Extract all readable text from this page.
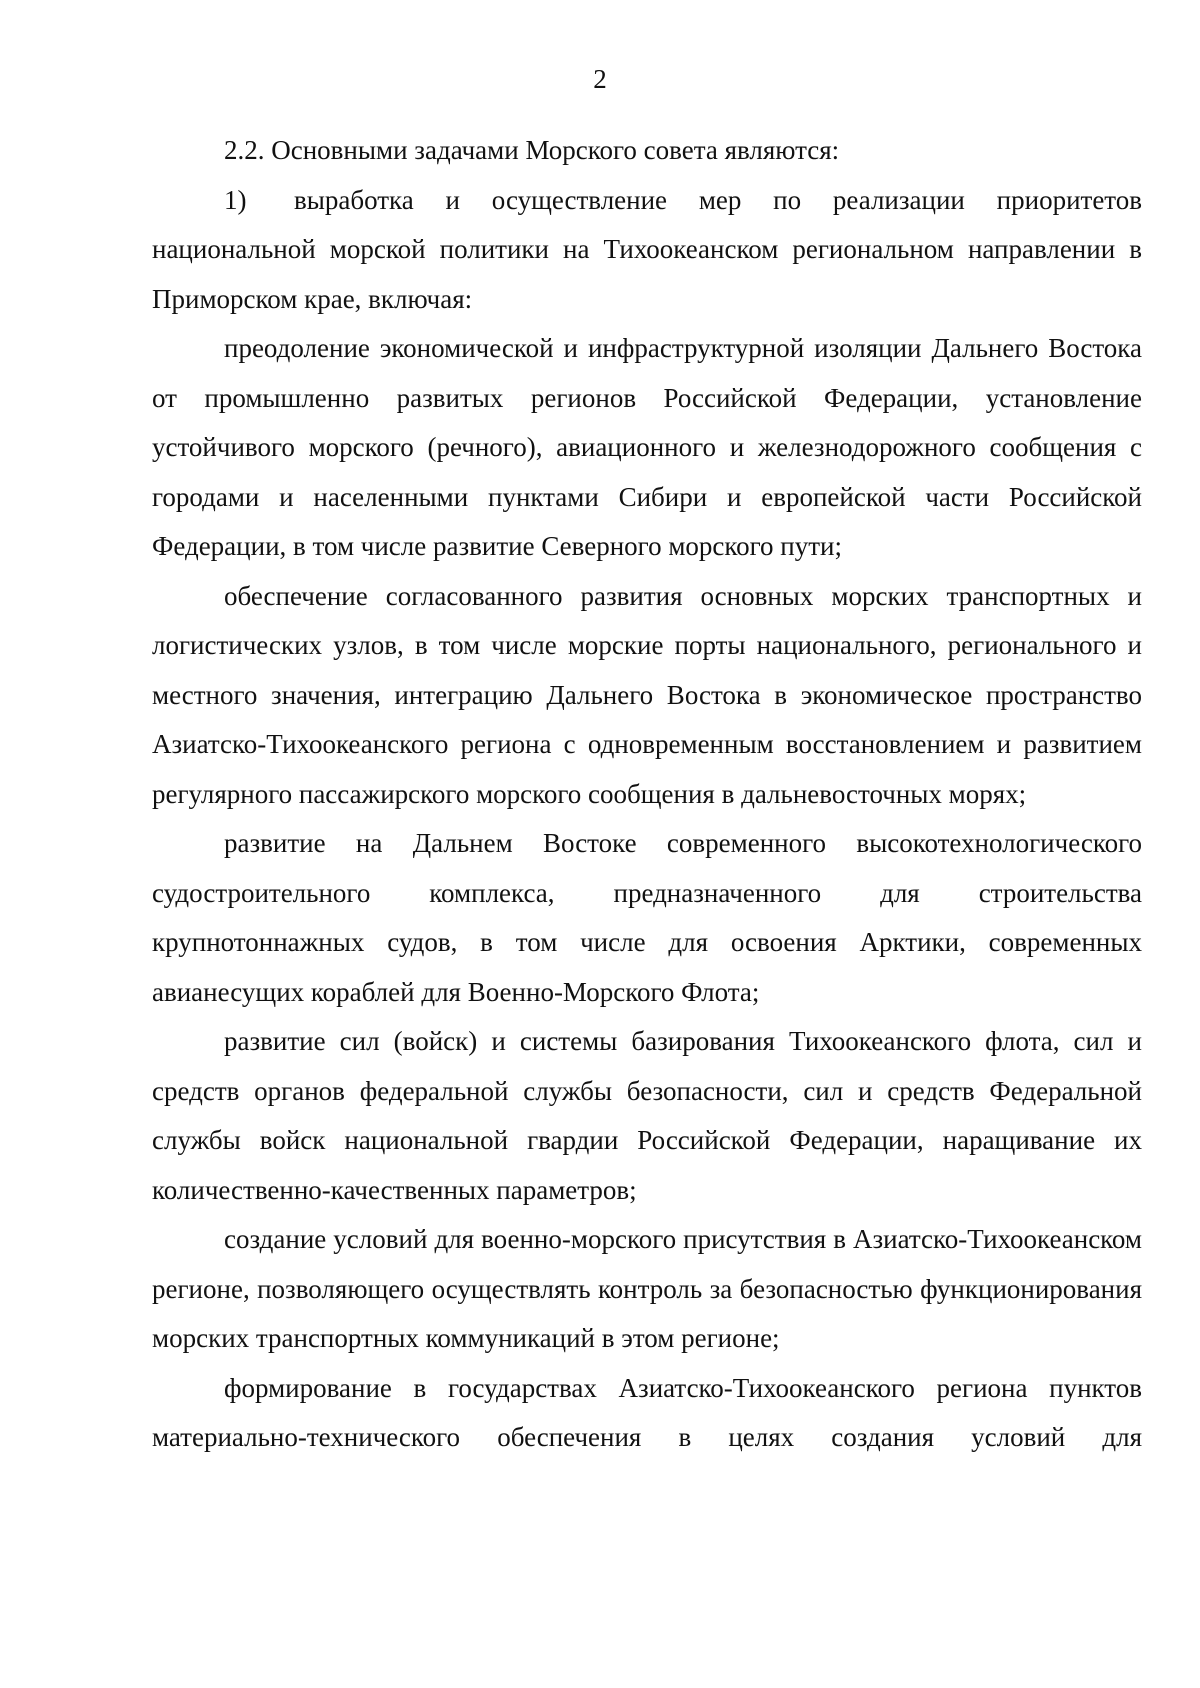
2

2.2. Основными задачами Морского совета являются:

1) выработка и осуществление мер по реализации приоритетов национальной морской политики на Тихоокеанском региональном направлении в Приморском крае, включая:

преодоление экономической и инфраструктурной изоляции Дальнего Востока от промышленно развитых регионов Российской Федерации, установление устойчивого морского (речного), авиационного и железнодорожного сообщения с городами и населенными пунктами Сибири и европейской части Российской Федерации, в том числе развитие Северного морского пути;

обеспечение согласованного развития основных морских транспортных и логистических узлов, в том числе морские порты национального, регионального и местного значения, интеграцию Дальнего Востока в экономическое пространство Азиатско-Тихоокеанского региона с одновременным восстановлением и развитием регулярного пассажирского морского сообщения в дальневосточных морях;

развитие на Дальнем Востоке современного высокотехнологического судостроительного комплекса, предназначенного для строительства крупнотоннажных судов, в том числе для освоения Арктики, современных авианесущих кораблей для Военно-Морского Флота;

развитие сил (войск) и системы базирования Тихоокеанского флота, сил и средств органов федеральной службы безопасности, сил и средств Федеральной службы войск национальной гвардии Российской Федерации, наращивание их количественно-качественных параметров;

создание условий для военно-морского присутствия в Азиатско-Тихоокеанском регионе, позволяющего осуществлять контроль за безопасностью функционирования морских транспортных коммуникаций в этом регионе;

формирование в государствах Азиатско-Тихоокеанского региона пунктов материально-технического обеспечения в целях создания условий для
